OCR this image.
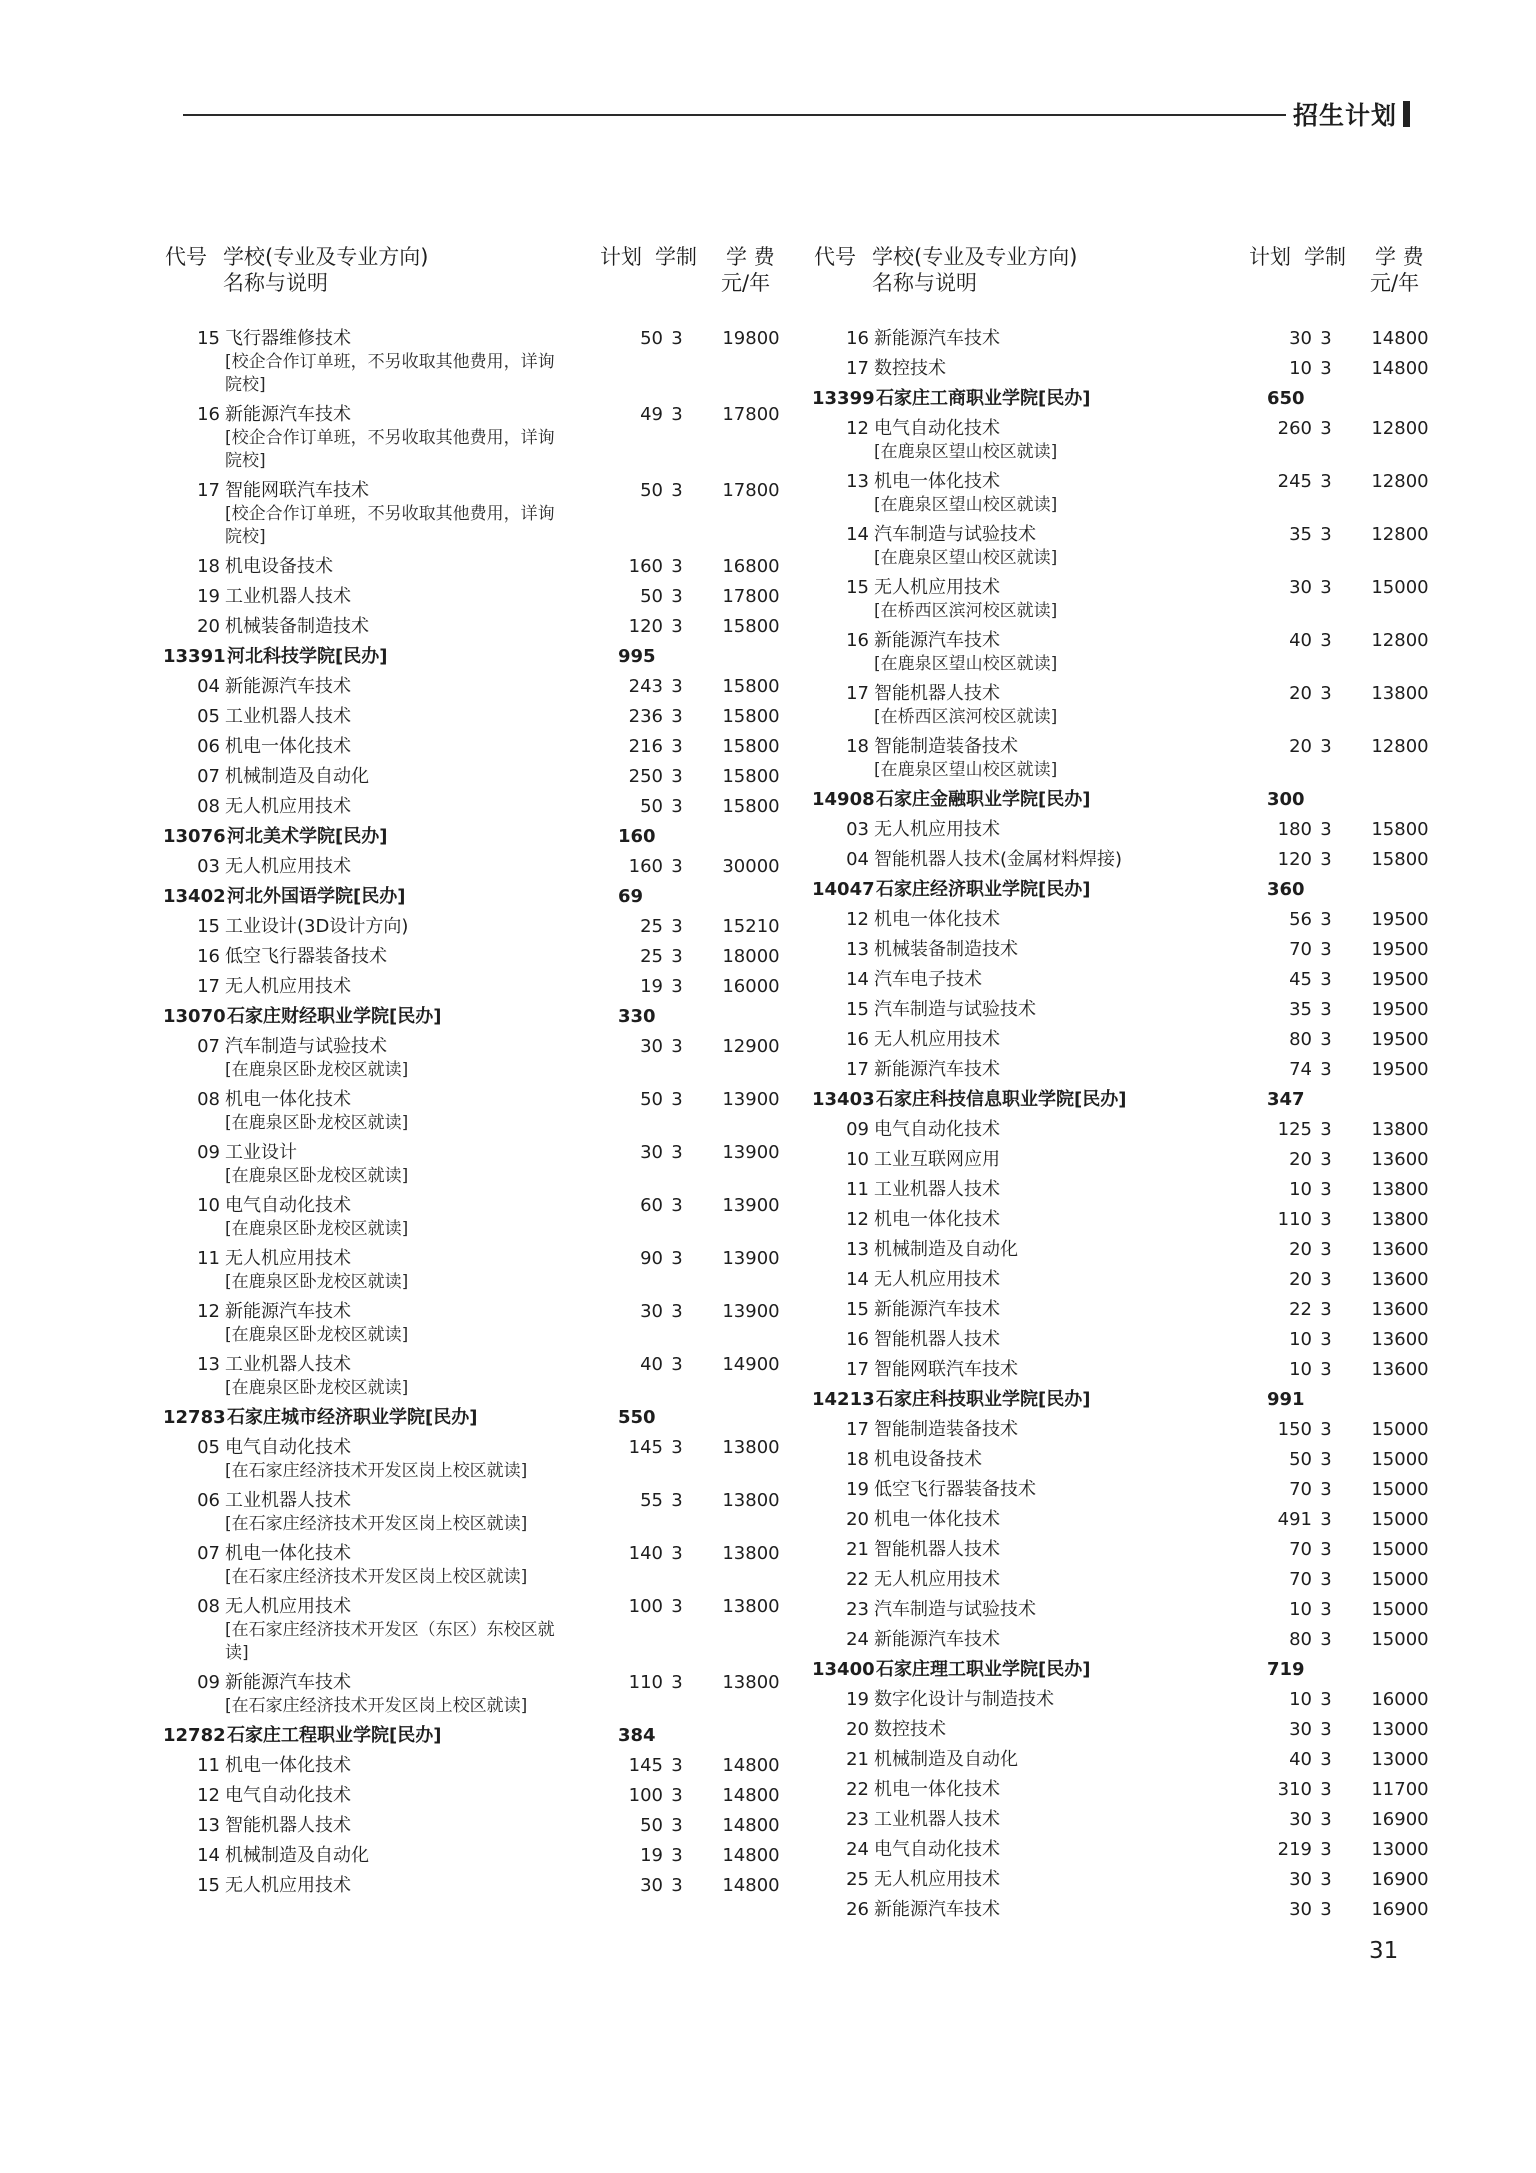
招生计划
代号 学校(专业及专业方向)
名称与说明
计划 学制 学 费
元/年
15 飞行器维修技术	50 3	19800
[校企合作订单班，不另收取其他费用，详询院校]
16 新能源汽车技术	49 3	17800
[校企合作订单班，不另收取其他费用，详询院校]
17 智能网联汽车技术	50 3	17800
[校企合作订单班，不另收取其他费用，详询院校]
18 机电设备技术	160 3	16800
19 工业机器人技术	50 3	17800
20 机械装备制造技术	120 3	15800
13391 河北科技学院[民办]	995
04 新能源汽车技术	243 3	15800
05 工业机器人技术	236 3	15800
06 机电一体化技术	216 3	15800
07 机械制造及自动化	250 3	15800
08 无人机应用技术	50 3	15800
13076 河北美术学院[民办]	160
03 无人机应用技术	160 3	30000
13402 河北外国语学院[民办]	69
15 工业设计(3D设计方向)	25 3	15210
16 低空飞行器装备技术	25 3	18000
17 无人机应用技术	19 3	16000
13070 石家庄财经职业学院[民办]	330
07 汽车制造与试验技术	30 3	12900
[在鹿泉区卧龙校区就读]
08 机电一体化技术	50 3	13900
[在鹿泉区卧龙校区就读]
09 工业设计	30 3	13900
[在鹿泉区卧龙校区就读]
10 电气自动化技术	60 3	13900
[在鹿泉区卧龙校区就读]
11 无人机应用技术	90 3	13900
[在鹿泉区卧龙校区就读]
12 新能源汽车技术	30 3	13900
[在鹿泉区卧龙校区就读]
13 工业机器人技术	40 3	14900
[在鹿泉区卧龙校区就读]
12783 石家庄城市经济职业学院[民办]	550
05 电气自动化技术	145 3	13800
[在石家庄经济技术开发区岗上校区就读]
06 工业机器人技术	55 3	13800
[在石家庄经济技术开发区岗上校区就读]
07 机电一体化技术	140 3	13800
[在石家庄经济技术开发区岗上校区就读]
08 无人机应用技术	100 3	13800
[在石家庄经济技术开发区（东区）东校区就读]
09 新能源汽车技术	110 3	13800
[在石家庄经济技术开发区岗上校区就读]
12782 石家庄工程职业学院[民办]	384
11 机电一体化技术	145 3	14800
12 电气自动化技术	100 3	14800
13 智能机器人技术	50 3	14800
14 机械制造及自动化	19 3	14800
15 无人机应用技术	30 3	14800
代号 学校(专业及专业方向)
名称与说明
计划 学制 学 费
元/年
16 新能源汽车技术	30 3	14800
17 数控技术	10 3	14800
13399 石家庄工商职业学院[民办]	650
12 电气自动化技术	260 3	12800
[在鹿泉区望山校区就读]
13 机电一体化技术	245 3	12800
[在鹿泉区望山校区就读]
14 汽车制造与试验技术	35 3	12800
[在鹿泉区望山校区就读]
15 无人机应用技术	30 3	15000
[在桥西区滨河校区就读]
16 新能源汽车技术	40 3	12800
[在鹿泉区望山校区就读]
17 智能机器人技术	20 3	13800
[在桥西区滨河校区就读]
18 智能制造装备技术	20 3	12800
[在鹿泉区望山校区就读]
14908 石家庄金融职业学院[民办]	300
03 无人机应用技术	180 3	15800
04 智能机器人技术(金属材料焊接)	120 3	15800
14047 石家庄经济职业学院[民办]	360
12 机电一体化技术	56 3	19500
13 机械装备制造技术	70 3	19500
14 汽车电子技术	45 3	19500
15 汽车制造与试验技术	35 3	19500
16 无人机应用技术	80 3	19500
17 新能源汽车技术	74 3	19500
13403 石家庄科技信息职业学院[民办]	347
09 电气自动化技术	125 3	13800
10 工业互联网应用	20 3	13600
11 工业机器人技术	10 3	13800
12 机电一体化技术	110 3	13800
13 机械制造及自动化	20 3	13600
14 无人机应用技术	20 3	13600
15 新能源汽车技术	22 3	13600
16 智能机器人技术	10 3	13600
17 智能网联汽车技术	10 3	13600
14213 石家庄科技职业学院[民办]	991
17 智能制造装备技术	150 3	15000
18 机电设备技术	50 3	15000
19 低空飞行器装备技术	70 3	15000
20 机电一体化技术	491 3	15000
21 智能机器人技术	70 3	15000
22 无人机应用技术	70 3	15000
23 汽车制造与试验技术	10 3	15000
24 新能源汽车技术	80 3	15000
13400 石家庄理工职业学院[民办]	719
19 数字化设计与制造技术	10 3	16000
20 数控技术	30 3	13000
21 机械制造及自动化	40 3	13000
22 机电一体化技术	310 3	11700
23 工业机器人技术	30 3	16900
24 电气自动化技术	219 3	13000
25 无人机应用技术	30 3	16900
26 新能源汽车技术	30 3	16900
31
